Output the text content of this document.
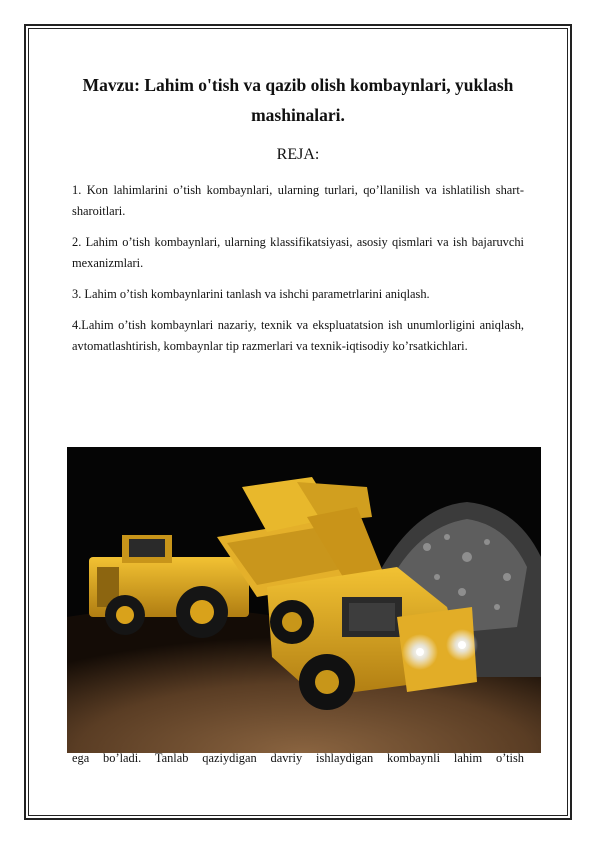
Mavzu: Lahim o'tish va qazib olish kombaynlari, yuklash mashinalari.
REJA:

1. Kon lahimlarini o’tish kombaynlari, ularning turlari, qo’llanilish va ishlatilish shart-sharoitlari.

2. Lahim o’tish kombaynlari, ularning klassifikatsiyasi, asosiy qismlari va ish bajaruvchi mexanizmlari.

3. Lahim o’tish kombaynlarini tanlash va ishchi parametrlarini aniqlash.

4.Lahim o’tish kombaynlari nazariy, texnik va ekspluatatsion ish unumlorligini aniqlash, avtomatlashtirish, kombaynlar tip razmerlari va texnik-iqtisodiy ko’rsatkichlari.

ega bo’ladi. Tanlab qaziydigan davriy ishlaydigan kombaynli lahim o’tish
